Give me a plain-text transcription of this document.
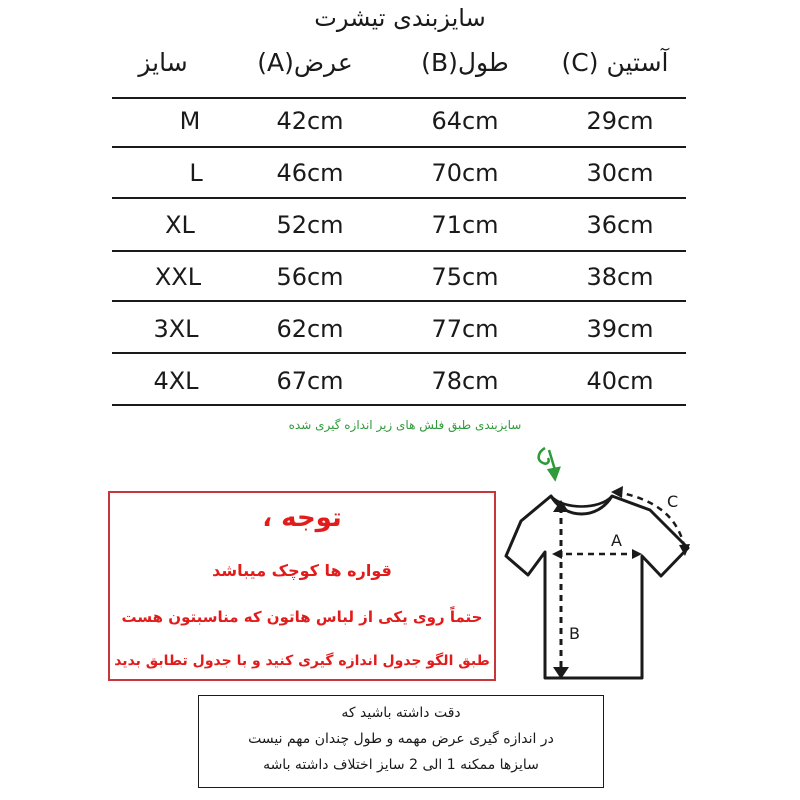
سایزبندی تیشرت
سایز	عرض(A)	طول(B)	آستین (C)
M	42cm	64cm	29cm
L	46cm	70cm	30cm
XL	52cm	71cm	36cm
XXL	56cm	75cm	38cm
3XL	62cm	77cm	39cm
4XL	67cm	78cm	40cm
سایزبندی طبق فلش های زیر اندازه گیری شده
A
B
C
توجه ،
قواره ها کوچک میباشد
حتماً روی یکی از لباس هاتون که مناسبتون هست
طبق الگو جدول اندازه گیری کنید و با جدول تطابق بدید
دقت داشته باشید که
در اندازه گیری عرض مهمه و طول چندان مهم نیست
سایزها ممکنه 1 الی 2 سایز اختلاف داشته باشه
